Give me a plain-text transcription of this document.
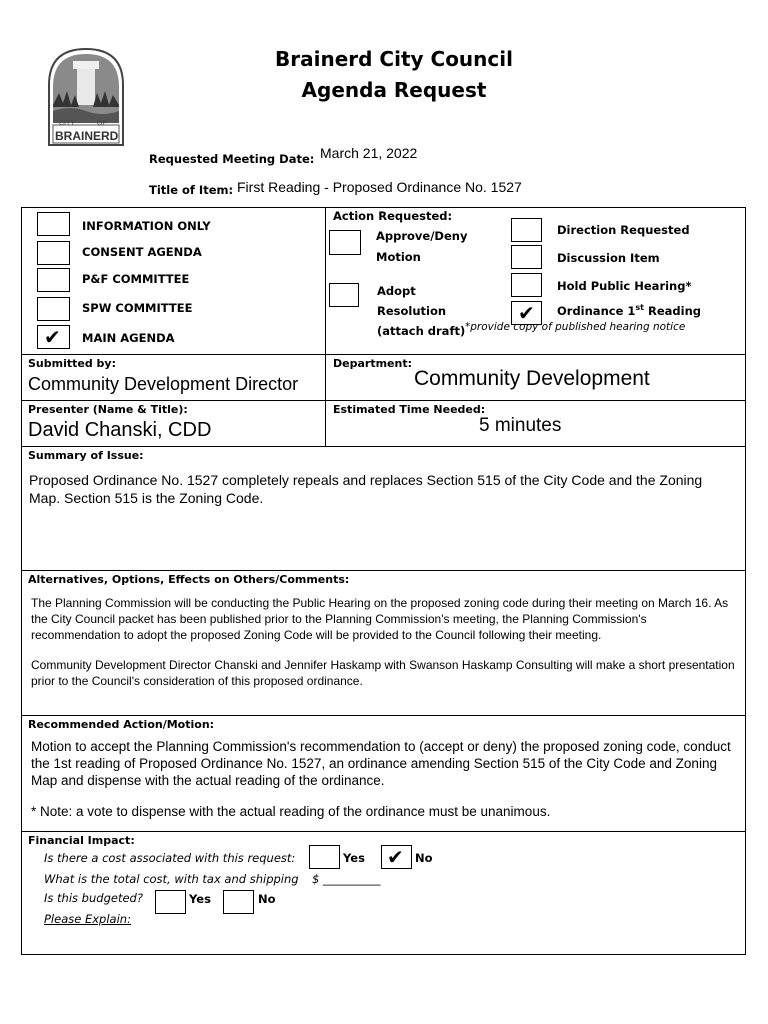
CITY	OF
BRAINERD
Brainerd City Council
Agenda Request
Requested Meeting Date: March 21, 2022
Title of Item: First Reading - Proposed Ordinance No. 1527
INFORMATION ONLY
CONSENT AGENDA
P&F COMMITTEE
SPW COMMITTEE
✔ MAIN AGENDA
Action Requested:
Approve/Deny
Motion
Adopt
Resolution
(attach draft)
Direction Requested
Discussion Item
Hold Public Hearing*
✔ Ordinance 1st Reading
*provide copy of published hearing notice
Submitted by:
Community Development Director
Department:
Community Development
Presenter (Name & Title):
David Chanski, CDD
Estimated Time Needed:
5 minutes
Summary of Issue:
Proposed Ordinance No. 1527 completely repeals and replaces Section 515 of the City Code and the Zoning Map. Section 515 is the Zoning Code.
Alternatives, Options, Effects on Others/Comments:
The Planning Commission will be conducting the Public Hearing on the proposed zoning code during their meeting on March 16. As the City Council packet has been published prior to the Planning Commission's meeting, the Planning Commission's recommendation to adopt the proposed Zoning Code will be provided to the Council following their meeting.
Community Development Director Chanski and Jennifer Haskamp with Swanson Haskamp Consulting will make a short presentation prior to the Council's consideration of this proposed ordinance.
Recommended Action/Motion:
Motion to accept the Planning Commission's recommendation to (accept or deny) the proposed zoning code, conduct the 1st reading of Proposed Ordinance No. 1527, an ordinance amending Section 515 of the City Code and Zoning Map and dispense with the actual reading of the ordinance.
* Note: a vote to dispense with the actual reading of the ordinance must be unanimous.
Financial Impact:
Is there a cost associated with this request:	Yes ✔ No
What is the total cost, with tax and shipping $ __________
Is this budgeted?	Yes	No
Please Explain:
